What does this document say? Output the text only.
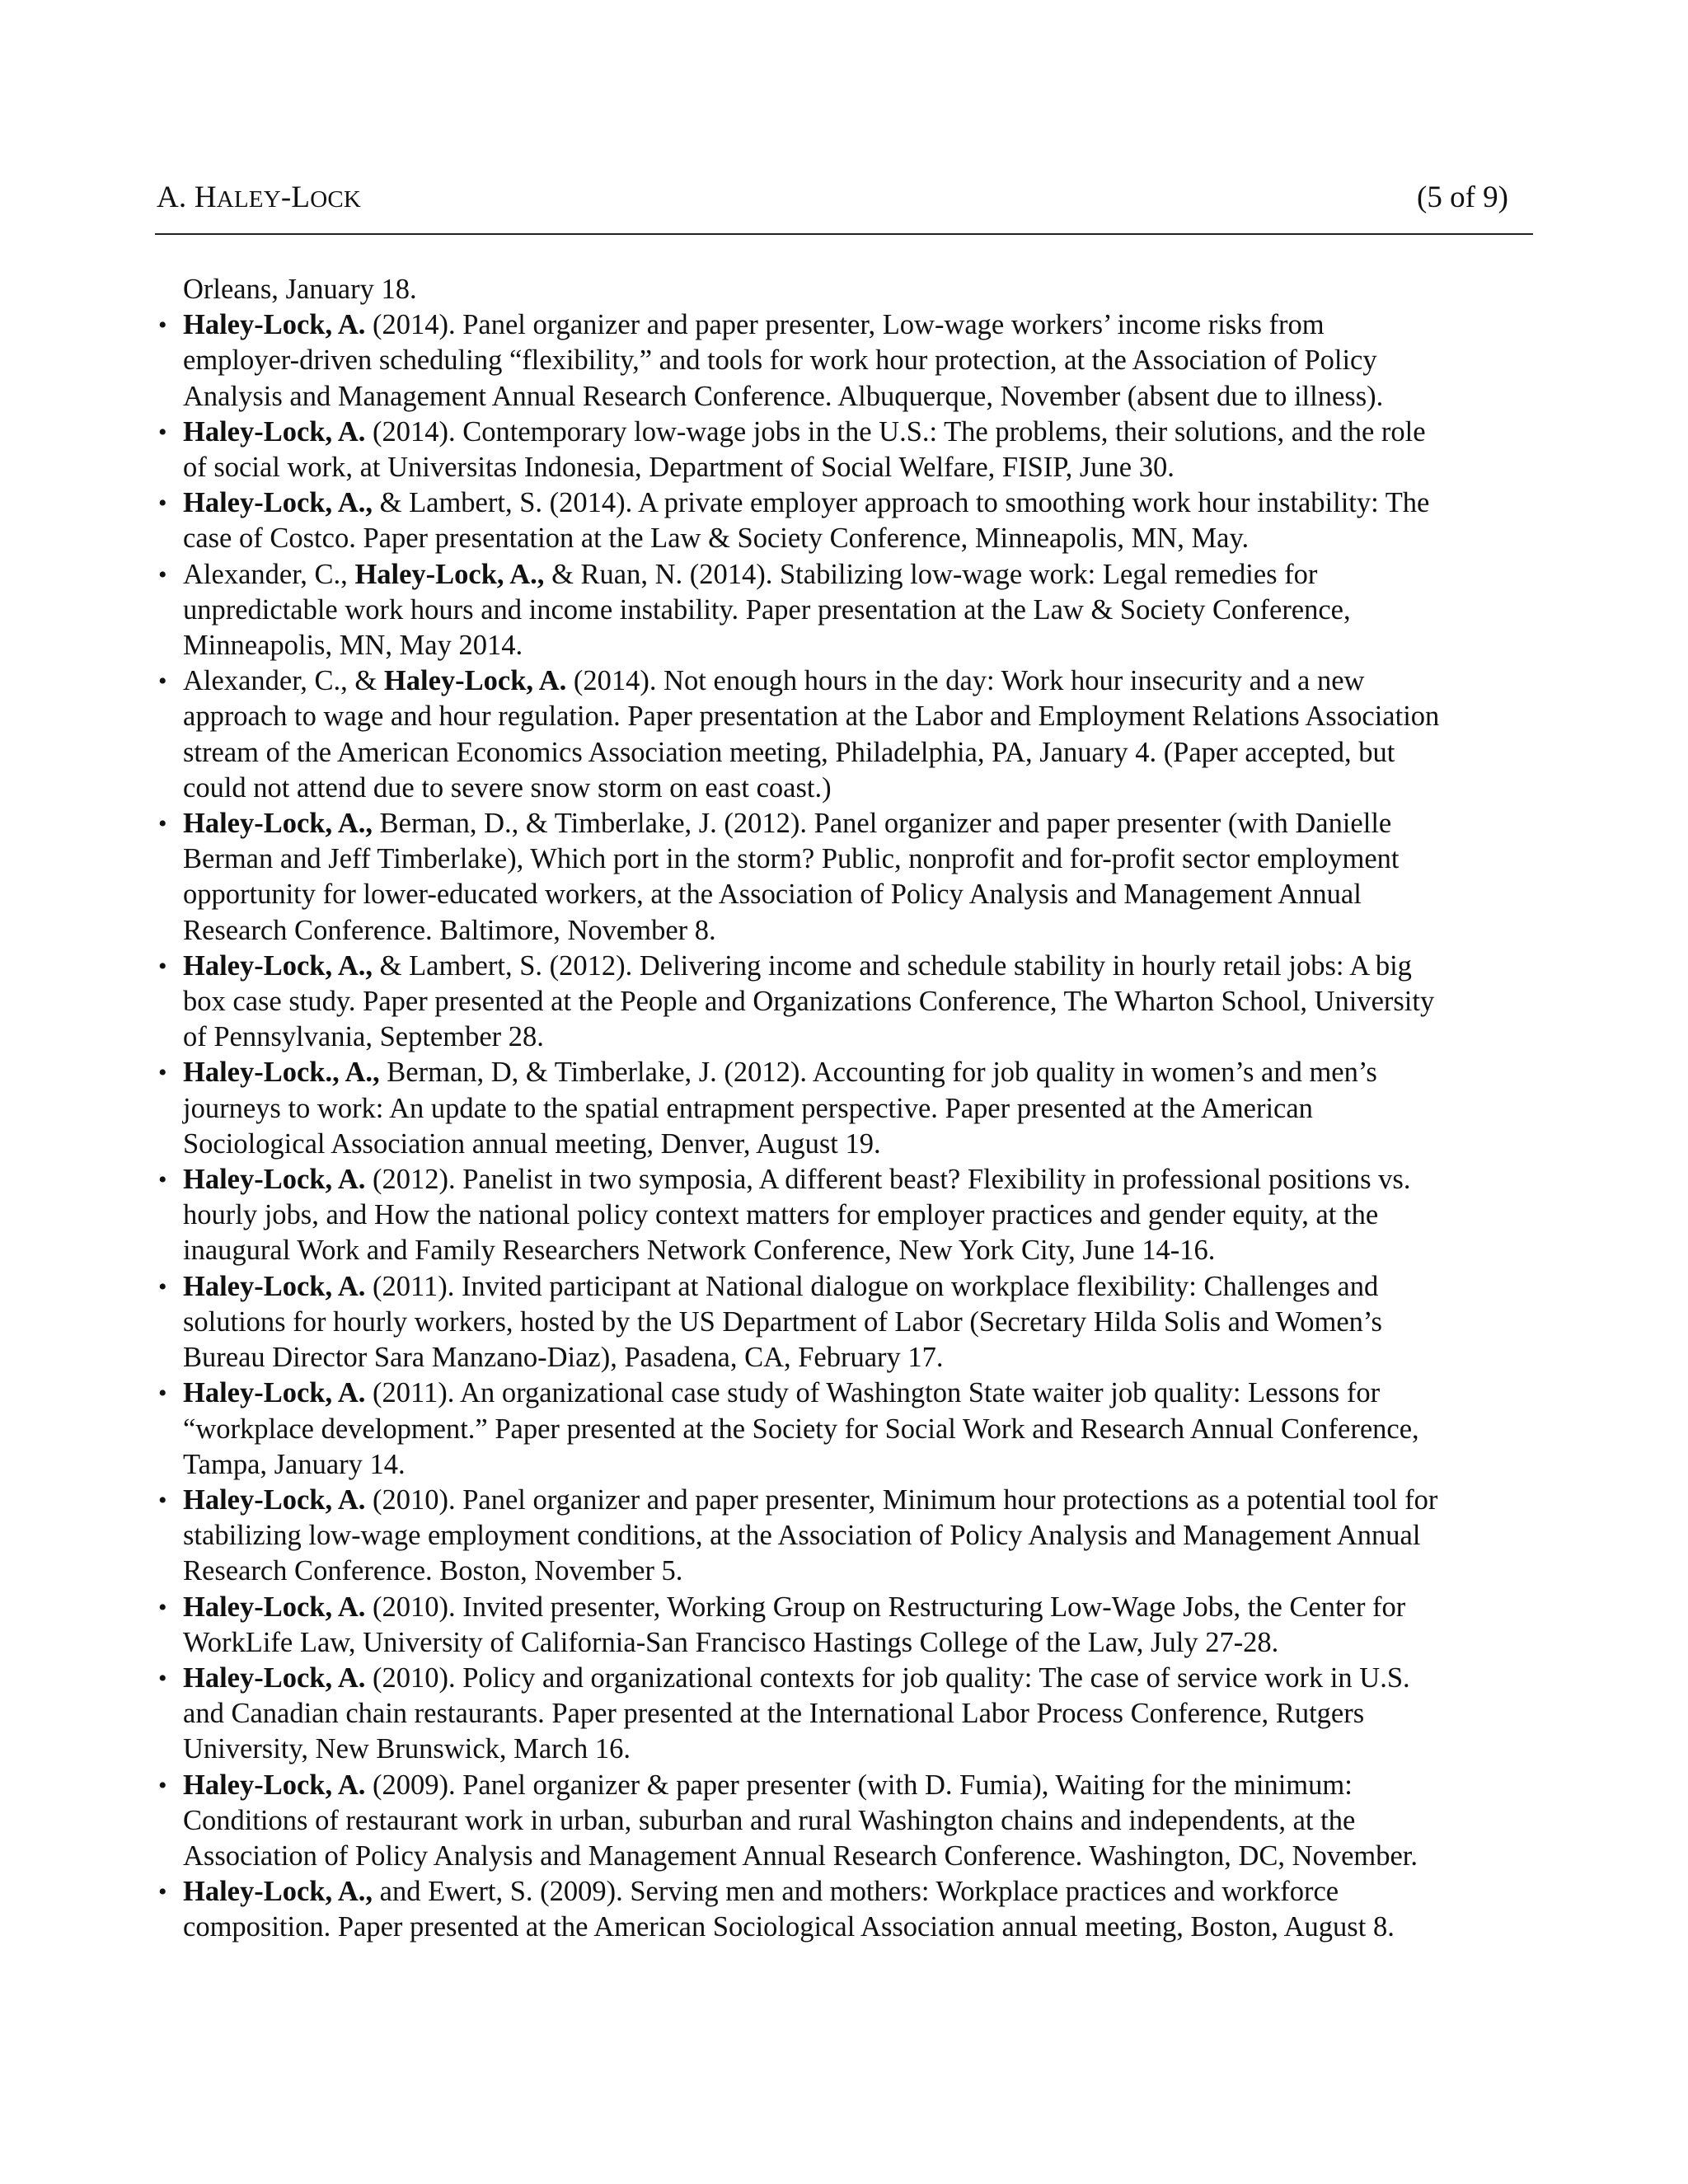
A. HALEY-LOCK	(5 of 9)

Orleans, January 18.

• Haley-Lock, A. (2014). Panel organizer and paper presenter, Low-wage workers’ income risks from
employer-driven scheduling “flexibility,” and tools for work hour protection, at the Association of Policy
Analysis and Management Annual Research Conference. Albuquerque, November (absent due to illness).
• Haley-Lock, A. (2014). Contemporary low-wage jobs in the U.S.: The problems, their solutions, and the role
of social work, at Universitas Indonesia, Department of Social Welfare, FISIP, June 30.
• Haley-Lock, A., & Lambert, S. (2014). A private employer approach to smoothing work hour instability: The
case of Costco. Paper presentation at the Law & Society Conference, Minneapolis, MN, May.
• Alexander, C., Haley-Lock, A., & Ruan, N. (2014). Stabilizing low-wage work: Legal remedies for
unpredictable work hours and income instability. Paper presentation at the Law & Society Conference,
Minneapolis, MN, May 2014.
• Alexander, C., & Haley-Lock, A. (2014). Not enough hours in the day: Work hour insecurity and a new
approach to wage and hour regulation. Paper presentation at the Labor and Employment Relations Association
stream of the American Economics Association meeting, Philadelphia, PA, January 4. (Paper accepted, but
could not attend due to severe snow storm on east coast.)
• Haley-Lock, A., Berman, D., & Timberlake, J. (2012). Panel organizer and paper presenter (with Danielle
Berman and Jeff Timberlake), Which port in the storm? Public, nonprofit and for-profit sector employment
opportunity for lower-educated workers, at the Association of Policy Analysis and Management Annual
Research Conference. Baltimore, November 8.
• Haley-Lock, A., & Lambert, S. (2012). Delivering income and schedule stability in hourly retail jobs: A big
box case study. Paper presented at the People and Organizations Conference, The Wharton School, University
of Pennsylvania, September 28.
• Haley-Lock., A., Berman, D, & Timberlake, J. (2012). Accounting for job quality in women’s and men’s
journeys to work: An update to the spatial entrapment perspective. Paper presented at the American
Sociological Association annual meeting, Denver, August 19.
• Haley-Lock, A. (2012). Panelist in two symposia, A different beast? Flexibility in professional positions vs.
hourly jobs, and How the national policy context matters for employer practices and gender equity, at the
inaugural Work and Family Researchers Network Conference, New York City, June 14-16.
• Haley-Lock, A. (2011). Invited participant at National dialogue on workplace flexibility: Challenges and
solutions for hourly workers, hosted by the US Department of Labor (Secretary Hilda Solis and Women’s
Bureau Director Sara Manzano-Diaz), Pasadena, CA, February 17.
• Haley-Lock, A. (2011). An organizational case study of Washington State waiter job quality: Lessons for
“workplace development.” Paper presented at the Society for Social Work and Research Annual Conference,
Tampa, January 14.
• Haley-Lock, A. (2010). Panel organizer and paper presenter, Minimum hour protections as a potential tool for
stabilizing low-wage employment conditions, at the Association of Policy Analysis and Management Annual
Research Conference. Boston, November 5.
• Haley-Lock, A. (2010). Invited presenter, Working Group on Restructuring Low-Wage Jobs, the Center for
WorkLife Law, University of California-San Francisco Hastings College of the Law, July 27-28.
• Haley-Lock, A. (2010). Policy and organizational contexts for job quality: The case of service work in U.S.
and Canadian chain restaurants. Paper presented at the International Labor Process Conference, Rutgers
University, New Brunswick, March 16.
• Haley-Lock, A. (2009). Panel organizer & paper presenter (with D. Fumia), Waiting for the minimum:
Conditions of restaurant work in urban, suburban and rural Washington chains and independents, at the
Association of Policy Analysis and Management Annual Research Conference. Washington, DC, November.
• Haley-Lock, A., and Ewert, S. (2009). Serving men and mothers: Workplace practices and workforce
composition. Paper presented at the American Sociological Association annual meeting, Boston, August 8.
